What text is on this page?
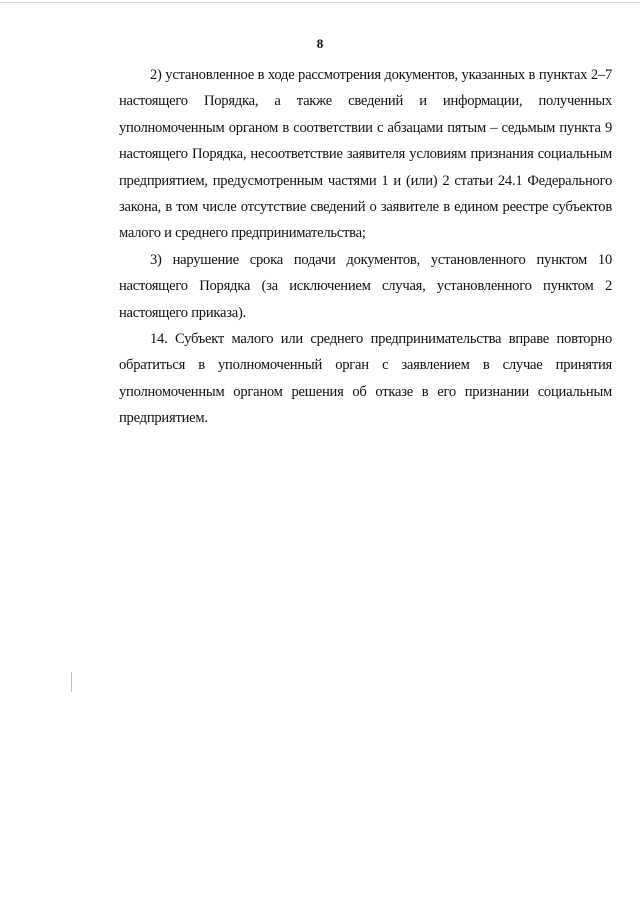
8

2) установленное в ходе рассмотрения документов, указанных в пунктах 2–7 настоящего Порядка, а также сведений и информации, полученных уполномоченным органом в соответствии с абзацами пятым – седьмым пункта 9 настоящего Порядка, несоответствие заявителя условиям признания социальным предприятием, предусмотренным частями 1 и (или) 2 статьи 24.1 Федерального закона, в том числе отсутствие сведений о заявителе в едином реестре субъектов малого и среднего предпринимательства;

3) нарушение срока подачи документов, установленного пунктом 10 настоящего Порядка (за исключением случая, установленного пунктом 2 настоящего приказа).

14. Субъект малого или среднего предпринимательства вправе повторно обратиться в уполномоченный орган с заявлением в случае принятия уполномоченным органом решения об отказе в его признании социальным предприятием.
